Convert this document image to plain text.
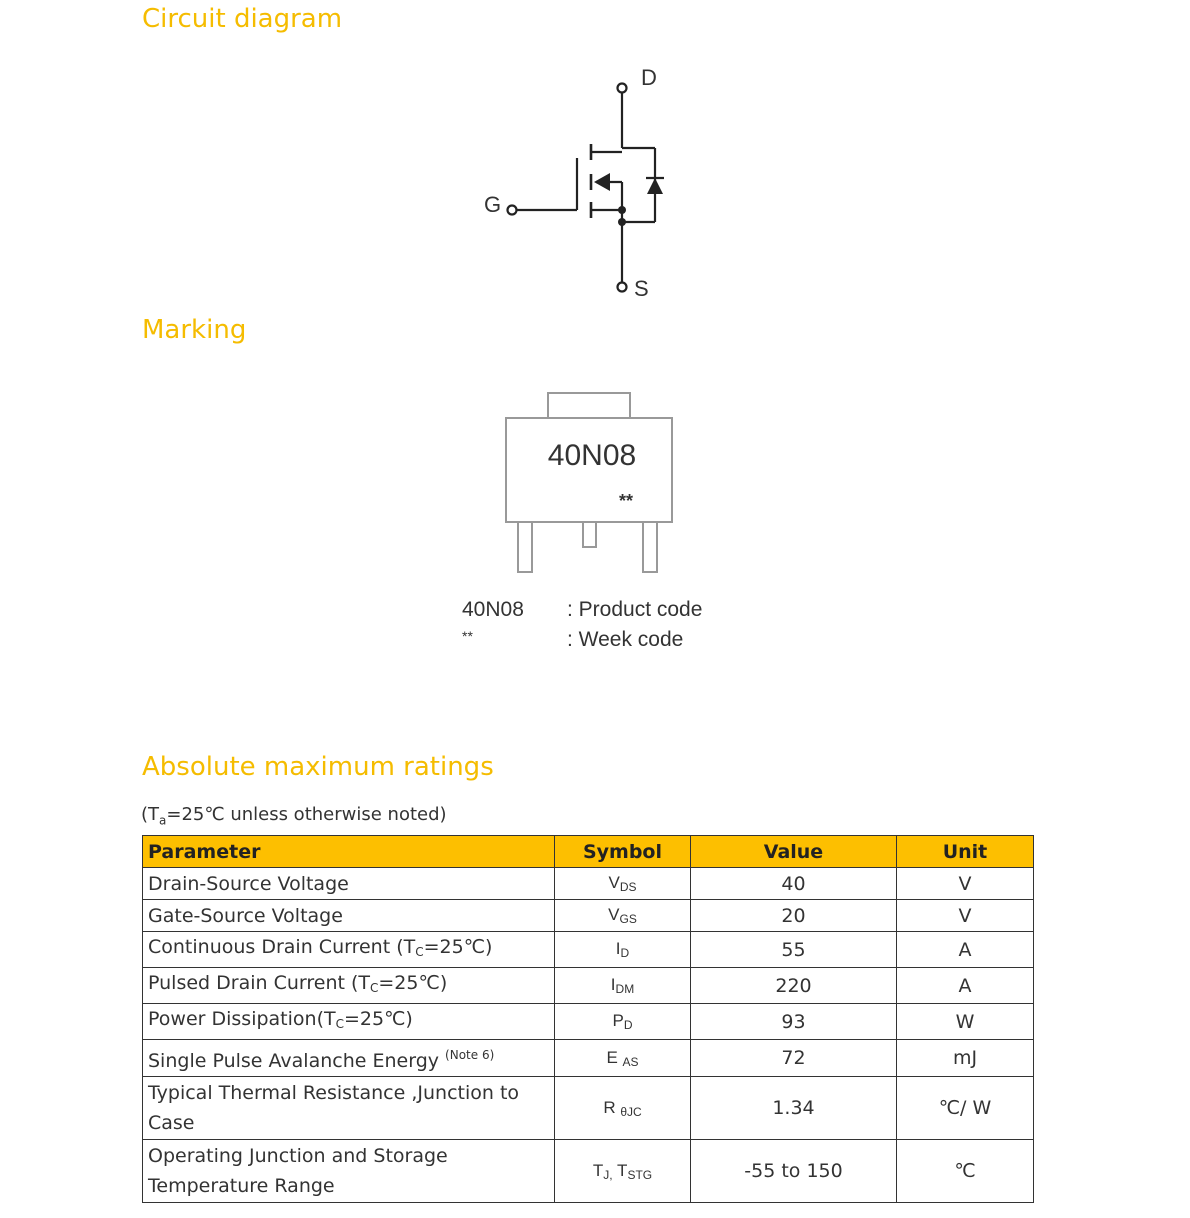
Circuit diagram
D
G
S
Marking
40N08
**
40N08 : Product code
**	: Week code
Absolute maximum ratings
($T_a=25℃$ unless otherwise noted)
Parameter	Symbol	Value	Unit
Drain-Source Voltage	$V_{DS}$	40	V
Gate-Source Voltage	$V_{GS}$	20	V
Continuous Drain Current $(T_C=25℃)$	$I_D$	55	A
Pulsed Drain Current $(T_C=25℃)$	$I_{DM}$	220	A
Power $Dissipation(T_C=25℃)$	$P_D$	93	W
Single Pulse Avalanche Energy $^{(Note 6)}$	E $_{AS}$	72	mJ

Typical Thermal Resistance ,Junction to
Case	R $_{\theta JC}$	1.34	℃/ W

Operating Junction and Storage
Temperature Range	$T_{J,}$ $T_{STG}$	-55 to 150	℃
